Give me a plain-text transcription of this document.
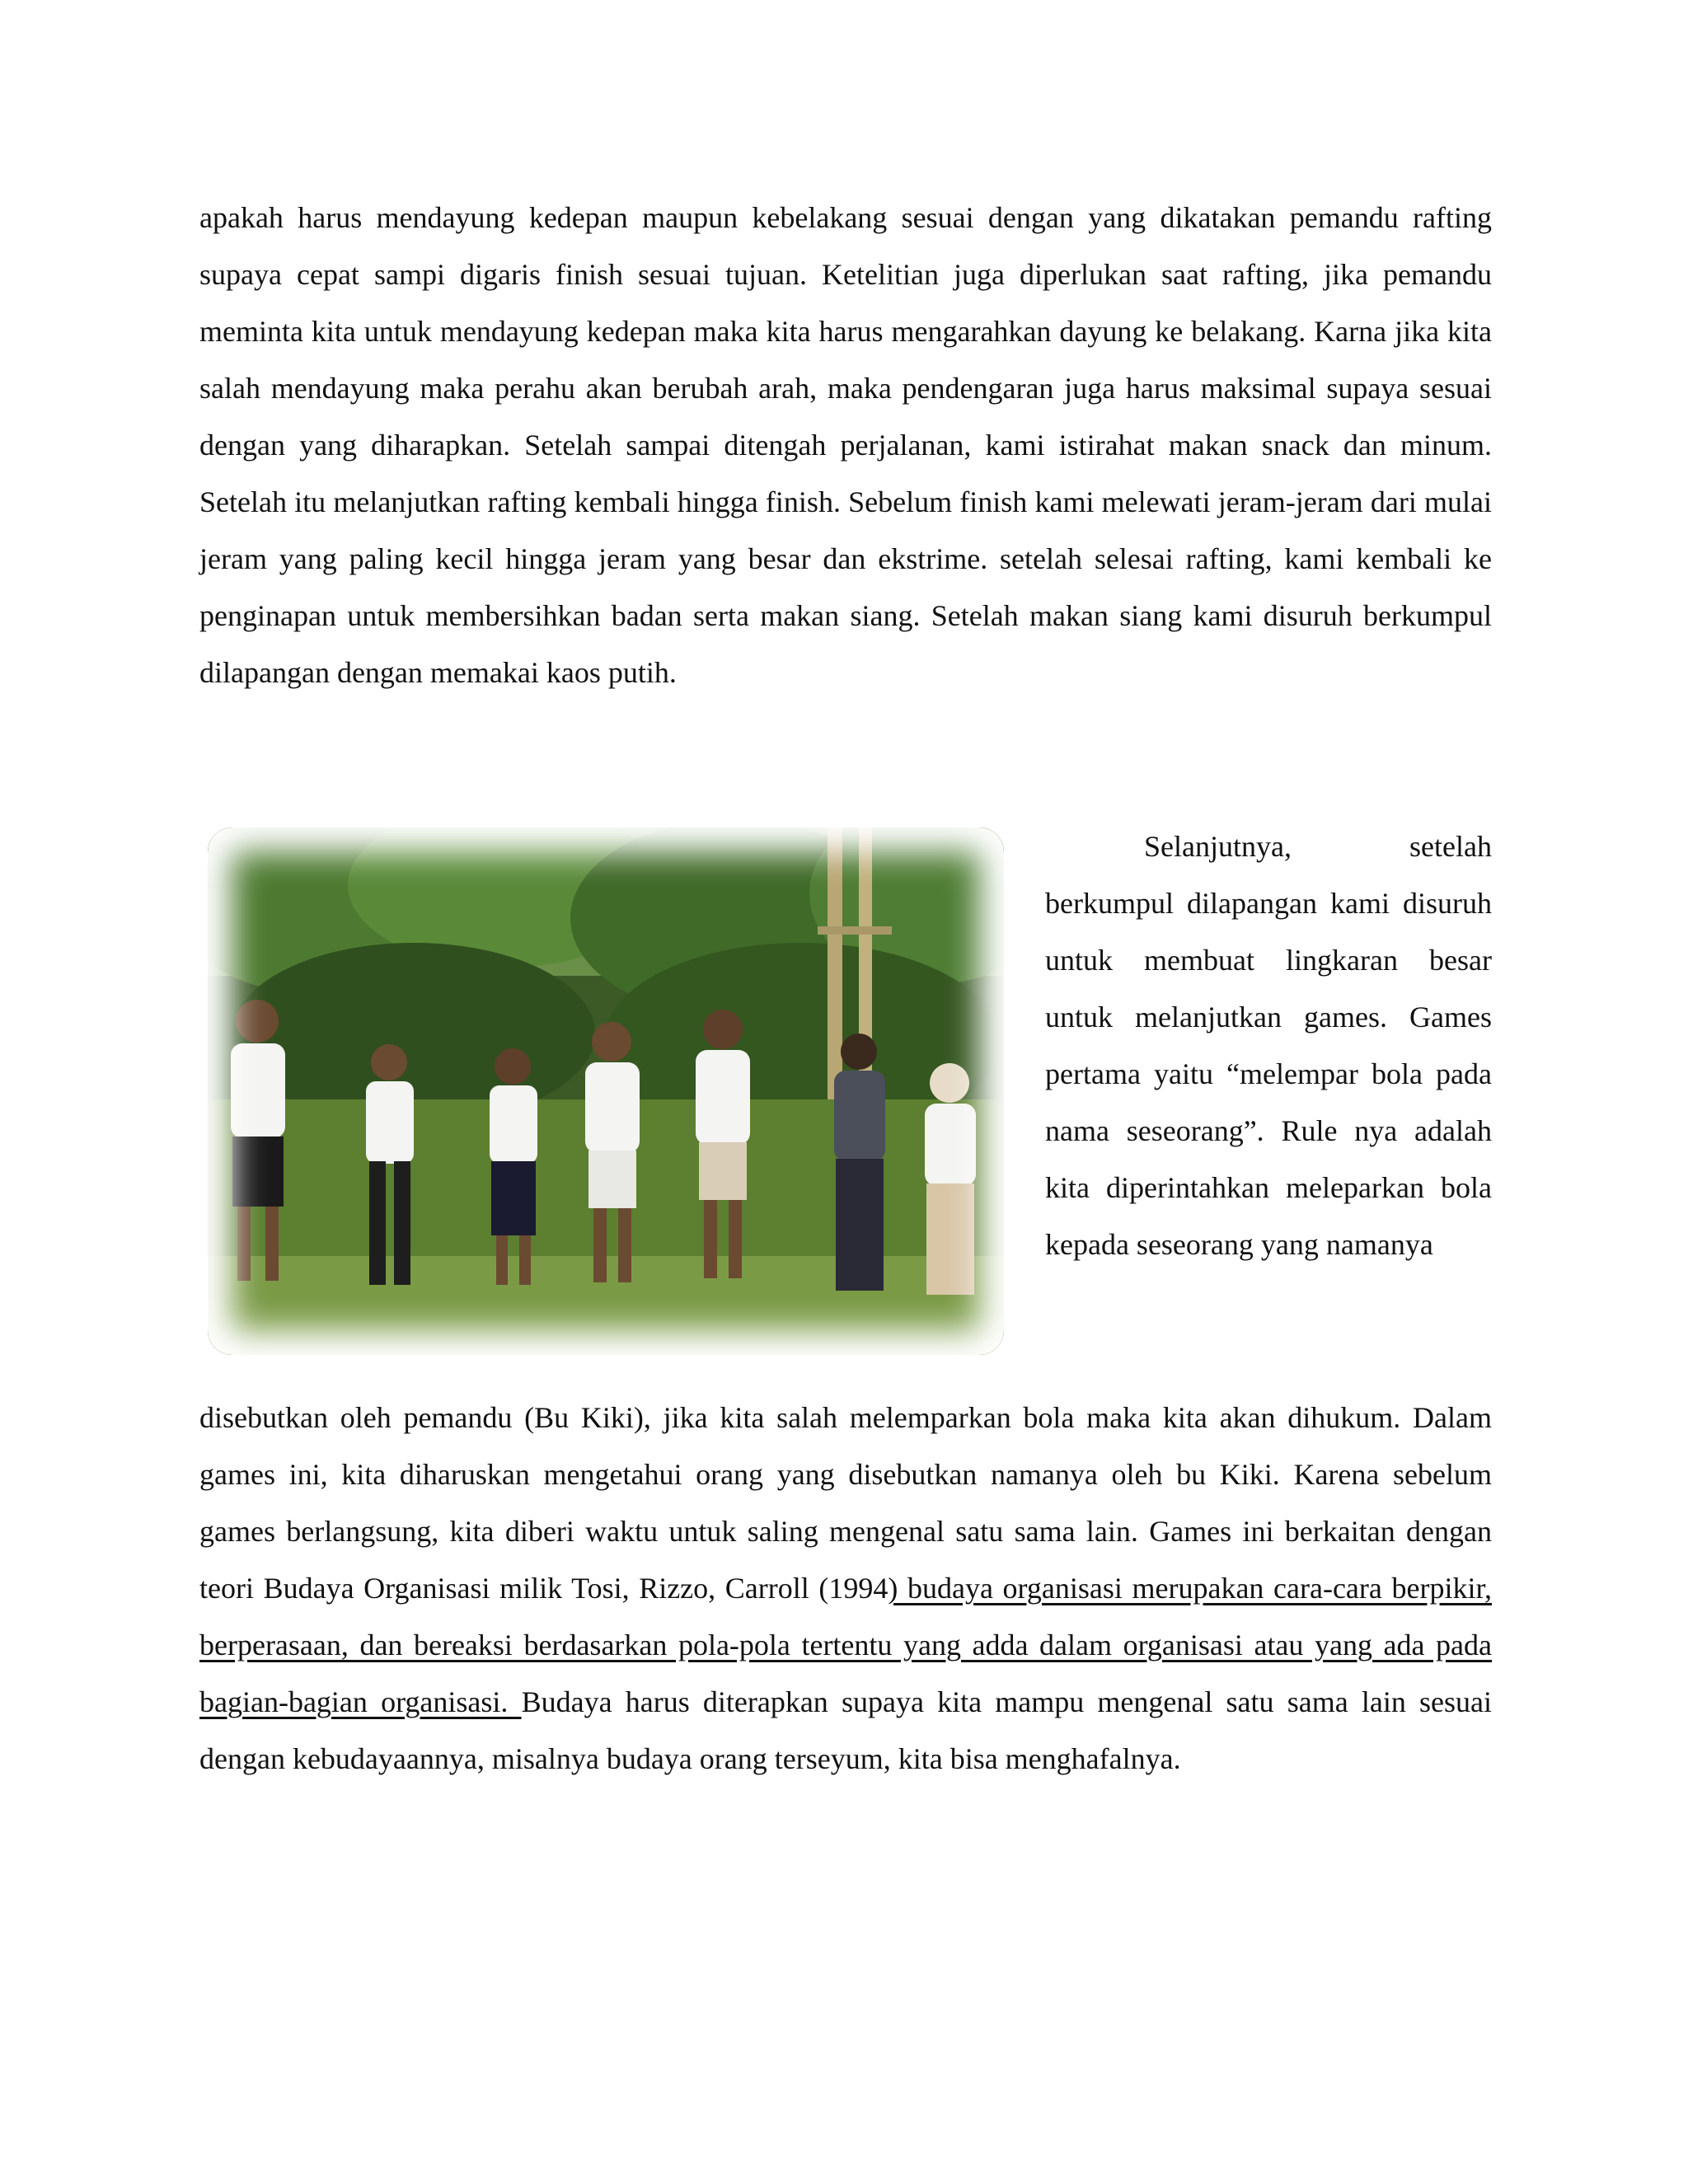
apakah harus mendayung kedepan maupun kebelakang sesuai dengan yang dikatakan pemandu rafting supaya cepat sampi digaris finish sesuai tujuan. Ketelitian juga diperlukan saat rafting, jika pemandu meminta kita untuk mendayung kedepan maka kita harus mengarahkan dayung ke belakang. Karna jika kita salah mendayung maka perahu akan berubah arah, maka pendengaran juga harus maksimal supaya sesuai dengan yang diharapkan. Setelah sampai ditengah perjalanan, kami istirahat makan snack dan minum. Setelah itu melanjutkan rafting kembali hingga finish. Sebelum finish kami melewati jeram-jeram dari mulai jeram yang paling kecil hingga jeram yang besar dan ekstrime. setelah selesai rafting, kami kembali ke penginapan untuk membersihkan badan serta makan siang. Setelah makan siang kami disuruh berkumpul dilapangan dengan memakai kaos putih.

Selanjutnya, setelah berkumpul dilapangan kami disuruh untuk membuat lingkaran besar untuk melanjutkan games. Games pertama yaitu “melempar bola pada nama seseorang”. Rule nya adalah kita diperintahkan meleparkan bola kepada seseorang yang namanya

disebutkan oleh pemandu (Bu Kiki), jika kita salah melemparkan bola maka kita akan dihukum. Dalam games ini, kita diharuskan mengetahui orang yang disebutkan namanya oleh bu Kiki. Karena sebelum games berlangsung, kita diberi waktu untuk saling mengenal satu sama lain. Games ini berkaitan dengan teori Budaya Organisasi milik Tosi, Rizzo, Carroll (1994) budaya organisasi merupakan cara-cara berpikir, berperasaan, dan bereaksi berdasarkan pola-pola tertentu yang adda dalam organisasi atau yang ada pada bagian-bagian organisasi. Budaya harus diterapkan supaya kita mampu mengenal satu sama lain sesuai dengan kebudayaannya, misalnya budaya orang terseyum, kita bisa menghafalnya.
